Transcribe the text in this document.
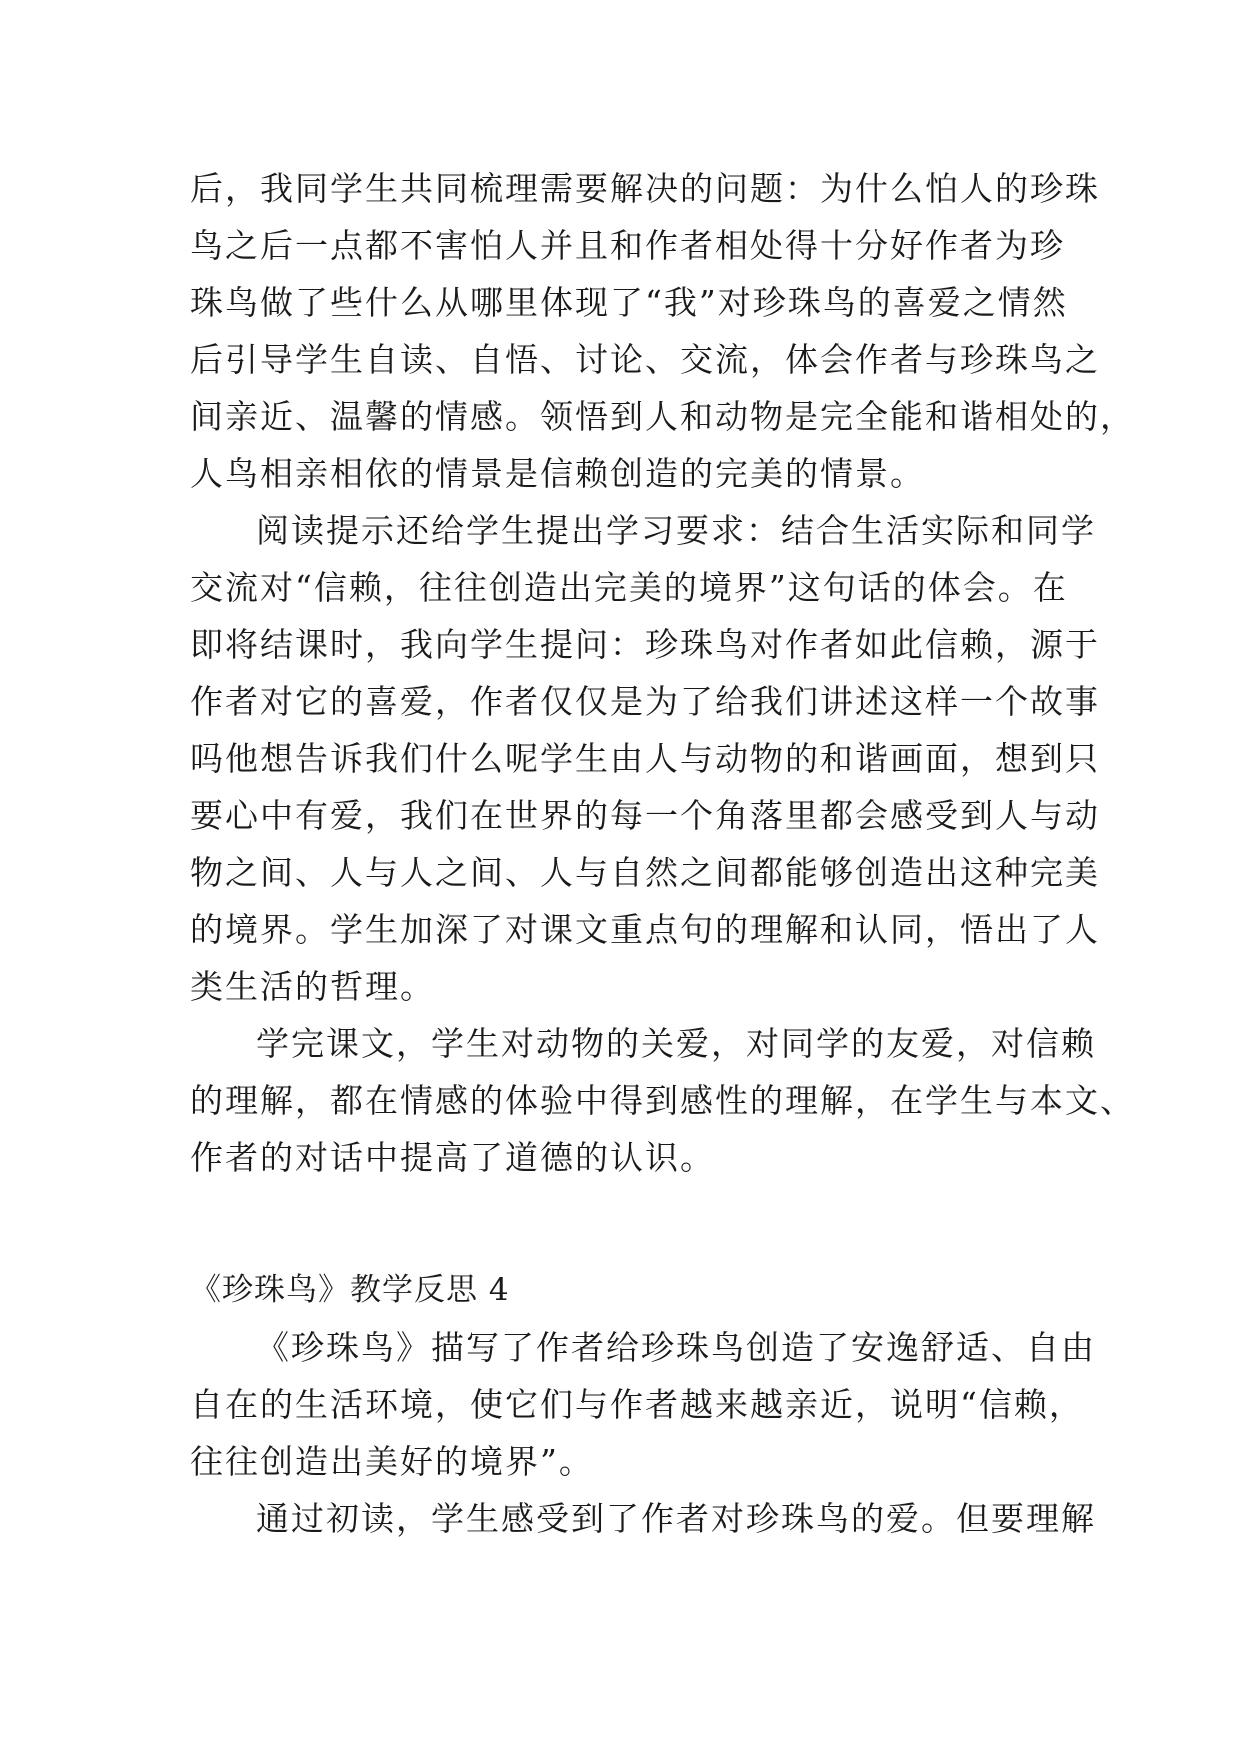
后，我同学生共同梳理需要解决的问题：为什么怕人的珍珠
鸟之后一点都不害怕人并且和作者相处得十分好作者为珍
珠鸟做了些什么从哪里体现了“我”对珍珠鸟的喜爱之情然
后引导学生自读、自悟、讨论、交流，体会作者与珍珠鸟之
间亲近、温馨的情感。领悟到人和动物是完全能和谐相处的，
人鸟相亲相依的情景是信赖创造的完美的情景。
阅读提示还给学生提出学习要求：结合生活实际和同学
交流对“信赖，往往创造出完美的境界”这句话的体会。在
即将结课时，我向学生提问：珍珠鸟对作者如此信赖，源于
作者对它的喜爱，作者仅仅是为了给我们讲述这样一个故事
吗他想告诉我们什么呢学生由人与动物的和谐画面，想到只
要心中有爱，我们在世界的每一个角落里都会感受到人与动
物之间、人与人之间、人与自然之间都能够创造出这种完美
的境界。学生加深了对课文重点句的理解和认同，悟出了人
类生活的哲理。
学完课文，学生对动物的关爱，对同学的友爱，对信赖
的理解，都在情感的体验中得到感性的理解，在学生与本文、
作者的对话中提高了道德的认识。
《珍珠鸟》教学反思 4
《珍珠鸟》描写了作者给珍珠鸟创造了安逸舒适、自由
自在的生活环境，使它们与作者越来越亲近，说明“信赖，
往往创造出美好的境界”。
通过初读，学生感受到了作者对珍珠鸟的爱。但要理解
